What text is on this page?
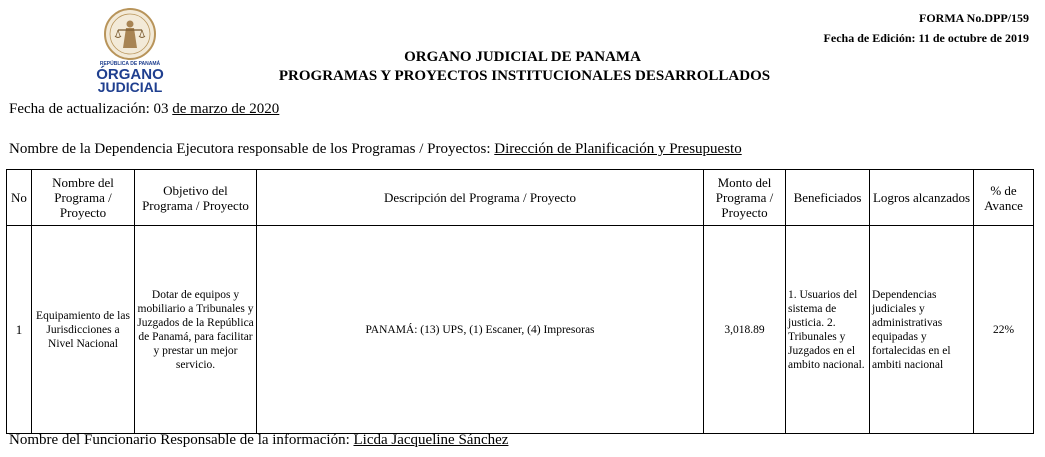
REPÚBLICA DE PANAMÁ
ÓRGANO
JUDICIAL
FORMA No.DPP/159
Fecha de Edición: 11 de octubre de 2019
ORGANO JUDICIAL DE PANAMA
PROGRAMAS Y PROYECTOS INSTITUCIONALES DESARROLLADOS
Fecha de actualización: 03 de marzo de 2020
Nombre de la Dependencia Ejecutora responsable de los Programas / Proyectos: Dirección de Planificación y Presupuesto
No	Nombre del Programa / Proyecto	Objetivo del Programa / Proyecto	Descripción del Programa / Proyecto	Monto del Programa / Proyecto	Beneficiados	Logros alcanzados	% de Avance
1	Equipamiento de las Jurisdicciones a Nivel Nacional	Dotar de equipos y mobiliario a Tribunales y Juzgados de la República de Panamá, para facilitar y prestar un mejor servicio.	PANAMÁ: (13) UPS, (1) Escaner, (4) Impresoras	3,018.89	1. Usuarios del sistema de justicia. 2. Tribunales y Juzgados en el ambito nacional.	Dependencias judiciales y administrativas equipadas y fortalecidas en el ambiti nacional	22%
Nombre del Funcionario Responsable de la información: Licda Jacqueline Sánchez
